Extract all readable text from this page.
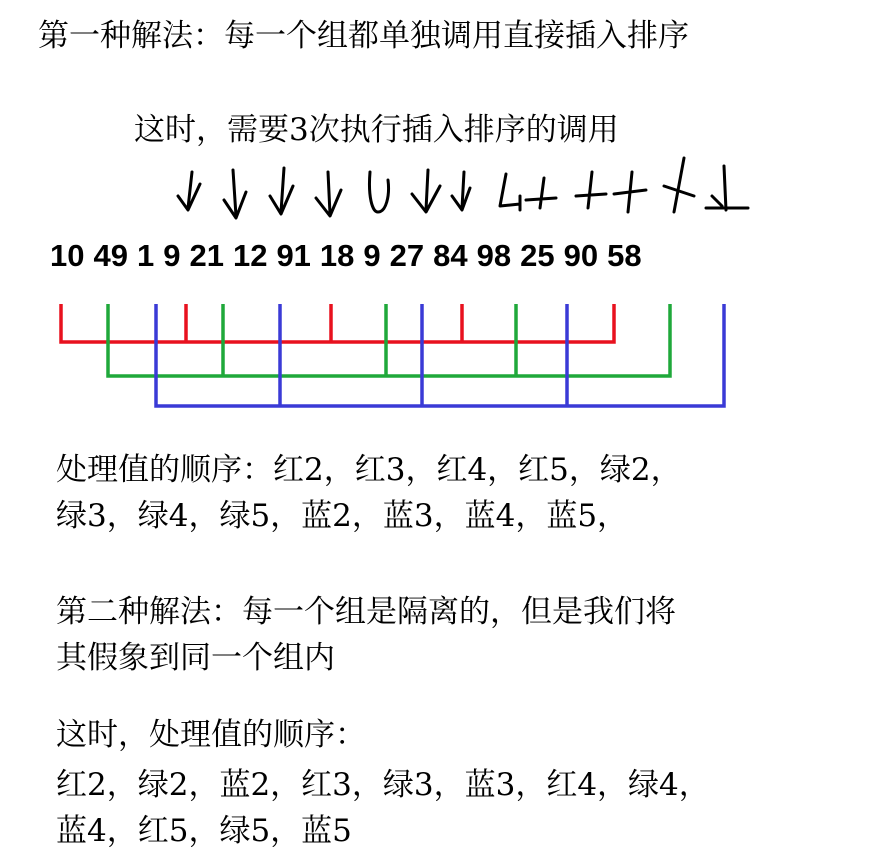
第一种解法：每一个组都单独调用直接插入排序
这时，需要3次执行插入排序的调用
10 49 1 9 21 12 91 18 9 27 84 98 25 90 58
处理值的顺序：红2，红3，红4，红5，绿2，
绿3，绿4，绿5，蓝2，蓝3，蓝4，蓝5，
第二种解法：每一个组是隔离的，但是我们将
其假象到同一个组内
这时，处理值的顺序：
红2，绿2，蓝2，红3，绿3，蓝3，红4，绿4，
蓝4，红5，绿5，蓝5
